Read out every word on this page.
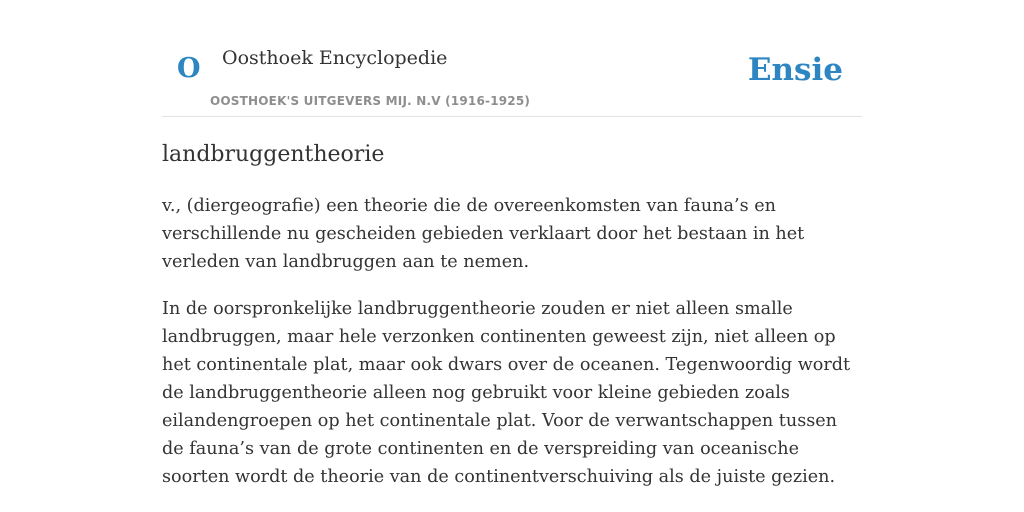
O Oosthoek Encyclopedie
OOSTHOEK'S UITGEVERS MIJ. N.V (1916-1925)
Ensie
landbruggentheorie

v., (diergeografie) een theorie die de overeenkomsten van fauna’s en verschillende nu gescheiden gebieden verklaart door het bestaan in het verleden van landbruggen aan te nemen.

In de oorspronkelijke landbruggentheorie zouden er niet alleen smalle landbruggen, maar hele verzonken continenten geweest zijn, niet alleen op het continentale plat, maar ook dwars over de oceanen. Tegenwoordig wordt de landbruggentheorie alleen nog gebruikt voor kleine gebieden zoals eilandengroepen op het continentale plat. Voor de verwantschappen tussen de fauna’s van de grote continenten en de verspreiding van oceanische soorten wordt de theorie van de continentverschuiving als de juiste gezien.
